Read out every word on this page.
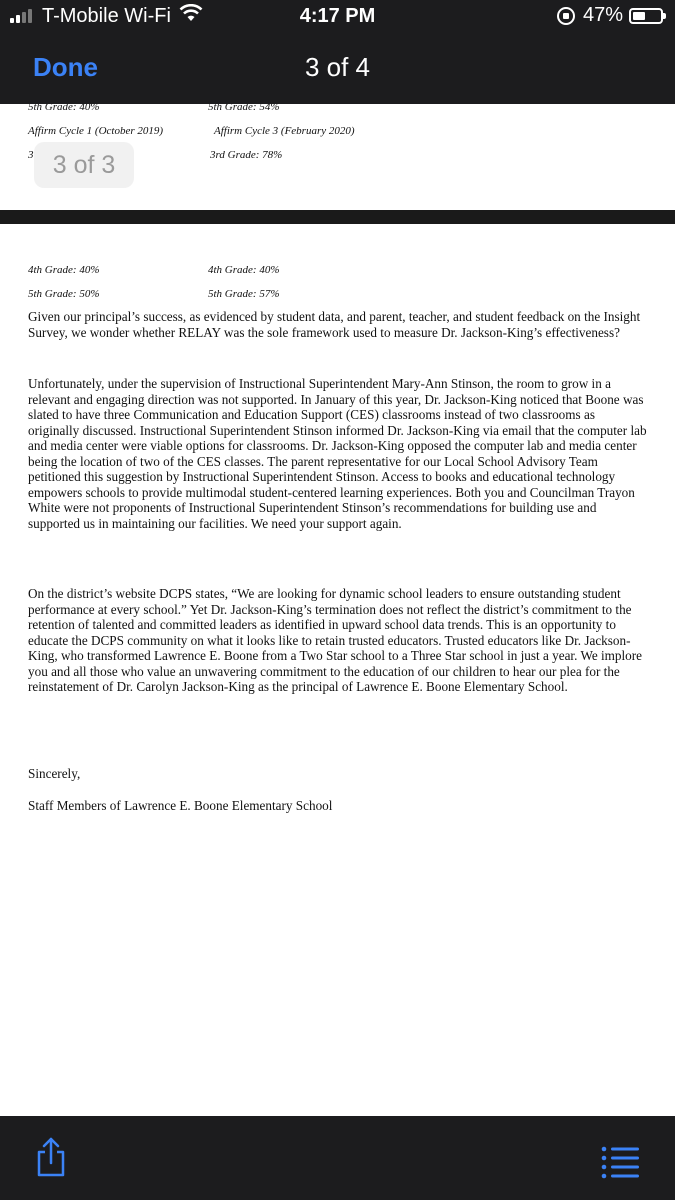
T-Mobile Wi-Fi	4:17 PM	47%
Done	3 of 4
5th Grade: 40%	5th Grade: 54%
Affirm Cycle 1 (October 2019)	Affirm Cycle 3 (February 2020)
3	3rd Grade: 78%
3 of 3
4th Grade: 40%	4th Grade: 40%
5th Grade: 50%	5th Grade: 57%
Given our principal’s success, as evidenced by student data, and parent, teacher, and student feedback on the Insight Survey, we wonder whether RELAY was the sole framework used to measure Dr. Jackson-King’s effectiveness?
Unfortunately, under the supervision of Instructional Superintendent Mary-Ann Stinson, the room to grow in a relevant and engaging direction was not supported. In January of this year, Dr. Jackson-King noticed that Boone was slated to have three Communication and Education Support (CES) classrooms instead of two classrooms as originally discussed. Instructional Superintendent Stinson informed Dr. Jackson-King via email that the computer lab and media center were viable options for classrooms. Dr. Jackson-King opposed the computer lab and media center being the location of two of the CES classes. The parent representative for our Local School Advisory Team petitioned this suggestion by Instructional Superintendent Stinson. Access to books and educational technology empowers schools to provide multimodal student-centered learning experiences. Both you and Councilman Trayon White were not proponents of Instructional Superintendent Stinson’s recommendations for building use and supported us in maintaining our facilities. We need your support again.
On the district’s website DCPS states, “We are looking for dynamic school leaders to ensure outstanding student performance at every school.” Yet Dr. Jackson-King’s termination does not reflect the district’s commitment to the retention of talented and committed leaders as identified in upward school data trends. This is an opportunity to educate the DCPS community on what it looks like to retain trusted educators. Trusted educators like Dr. Jackson-King, who transformed Lawrence E. Boone from a Two Star school to a Three Star school in just a year. We implore you and all those who value an unwavering commitment to the education of our children to hear our plea for the reinstatement of Dr. Carolyn Jackson-King as the principal of Lawrence E. Boone Elementary School.
Sincerely,
Staff Members of Lawrence E. Boone Elementary School
